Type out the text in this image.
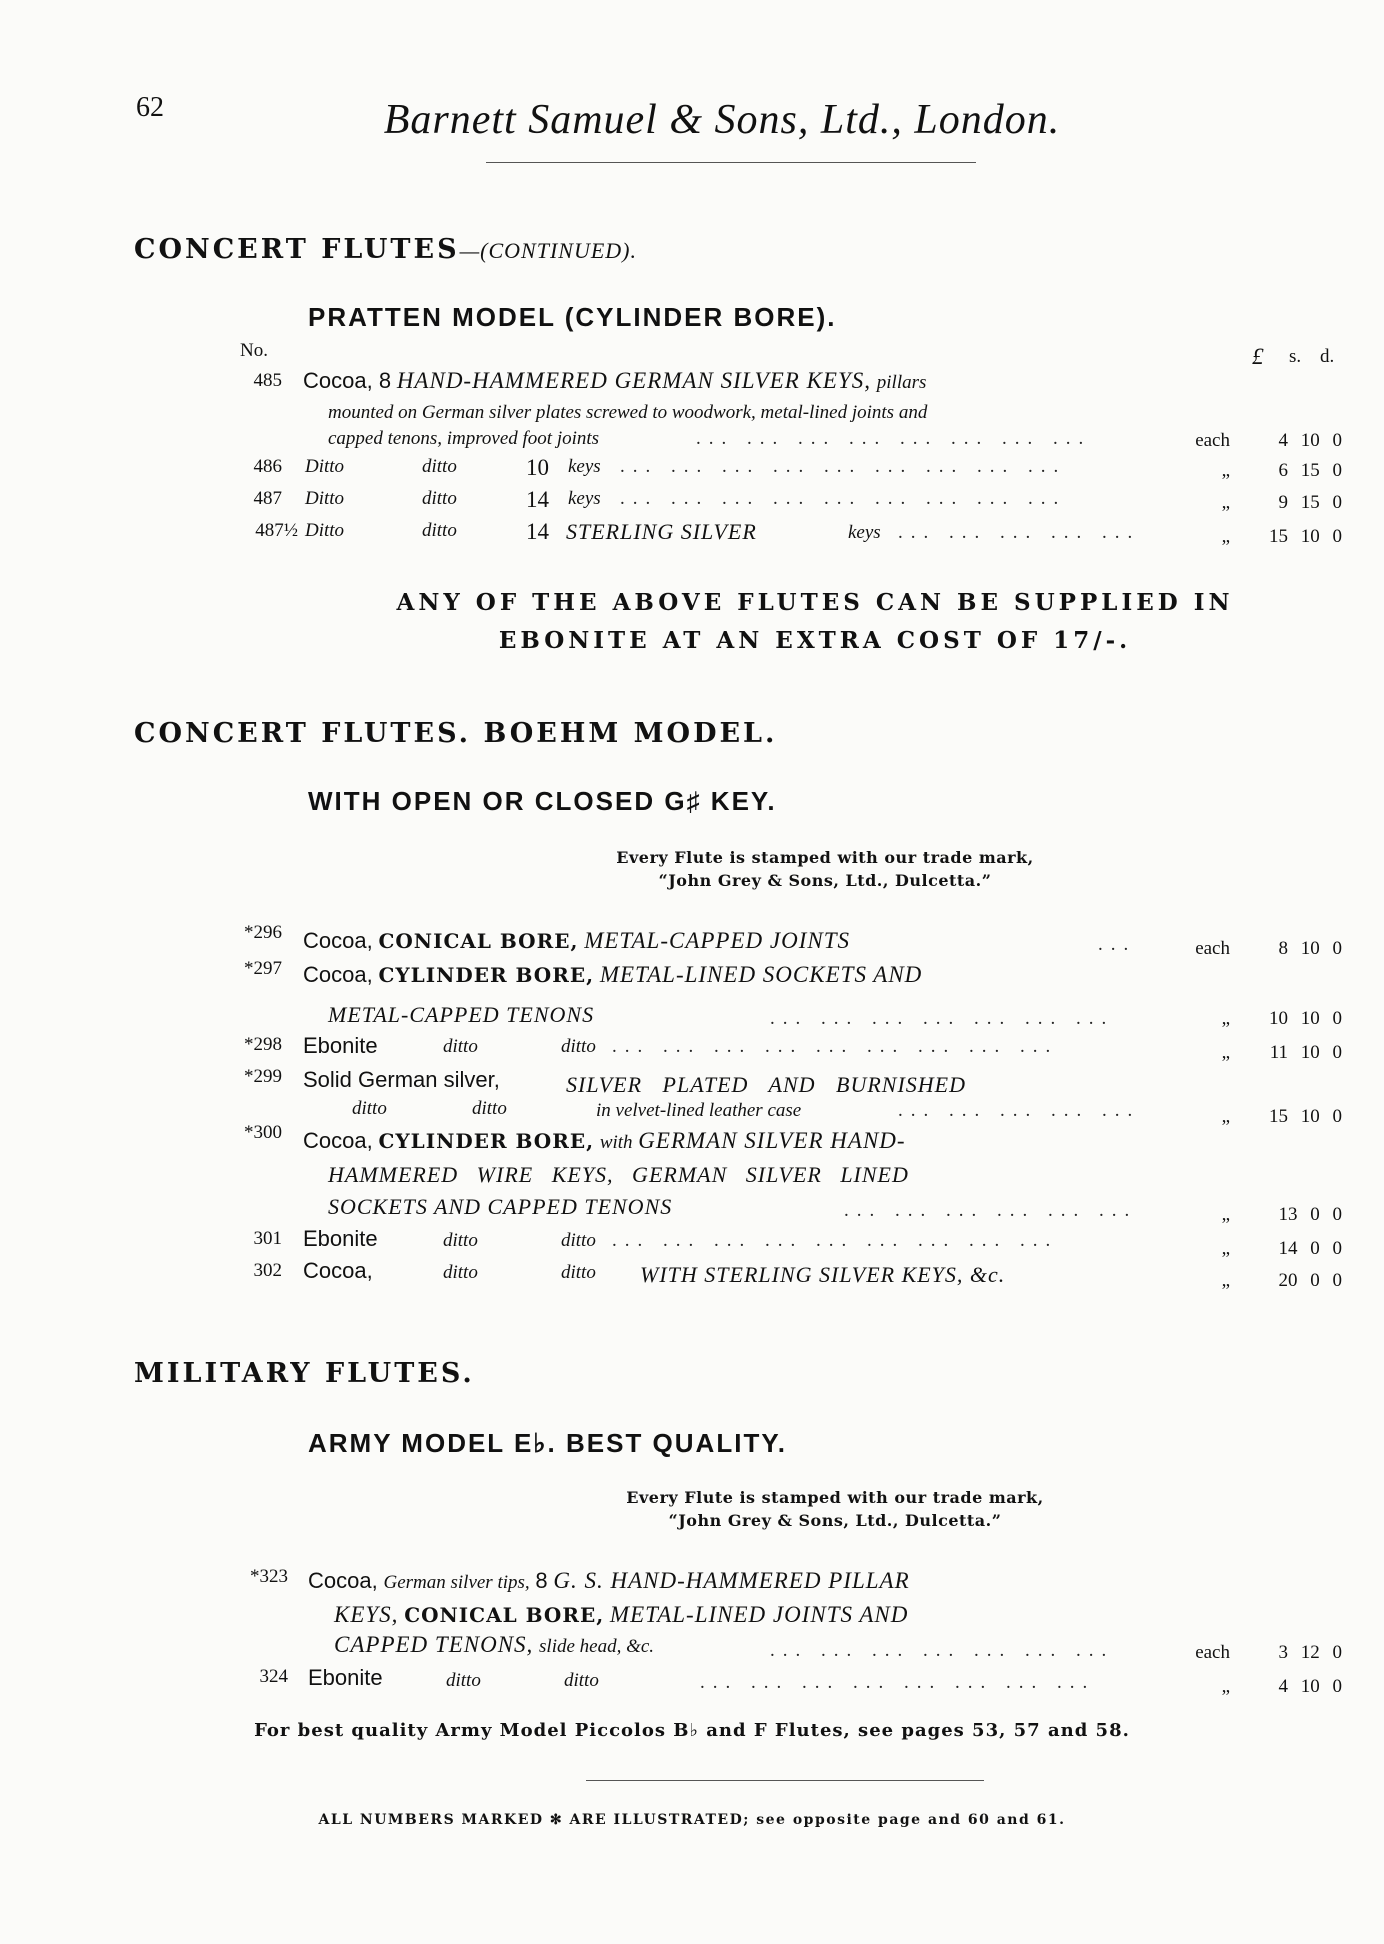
62	Barnett Samuel & Sons, Ltd., London.
CONCERT FLUTES—(CONTINUED).
PRATTEN MODEL (CYLINDER BORE).
No.	£ s. d.
485 Cocoa, 8 HAND-HAMMERED GERMAN SILVER KEYS, pillars
mounted on German silver plates screwed to woodwork, metal-lined joints and
capped tenons, improved foot joints	... ... ... ... ... ... ... ...	each	4 10 0
486 Ditto	ditto	10 keys ... ... ... ... ... ... ... ... ...	„	6 15 0
487 Ditto	ditto	14 keys ... ... ... ... ... ... ... ... ...	„	9 15 0
487½ Ditto	ditto	14 STERLING SILVER	keys ... ... ... ... ...	„	15 10 0
ANY OF THE ABOVE FLUTES CAN BE SUPPLIED IN
EBONITE AT AN EXTRA COST OF 17/-.
CONCERT FLUTES. BOEHM MODEL.
WITH OPEN OR CLOSED G♯ KEY.
Every Flute is stamped with our trade mark,
“John Grey & Sons, Ltd., Dulcetta.”
*296 Cocoa, CONICAL BORE, METAL-CAPPED JOINTS	...	each	8 10 0
*297 Cocoa, CYLINDER BORE, METAL-LINED SOCKETS AND
METAL-CAPPED TENONS	... ... ... ... ... ... ...	„	10 10 0
*298 Ebonite	ditto	ditto ... ... ... ... ... ... ... ... ...	„	11 10 0
*299 Solid German silver,	SILVER PLATED AND BURNISHED
ditto	ditto	in velvet-lined leather case	... ... ... ... ...	„	15 10 0
*300 Cocoa, CYLINDER BORE, with GERMAN SILVER HAND-
HAMMERED WIRE KEYS, GERMAN SILVER LINED
SOCKETS AND CAPPED TENONS	... ... ... ... ... ...	„	13 0 0
301 Ebonite	ditto	ditto ... ... ... ... ... ... ... ... ...	„	14 0 0
302 Cocoa,	ditto	ditto WITH STERLING SILVER KEYS, &c.	„	20 0 0
MILITARY FLUTES.
ARMY MODEL E♭. BEST QUALITY.
Every Flute is stamped with our trade mark,
“John Grey & Sons, Ltd., Dulcetta.”
*323 Cocoa, German silver tips, 8 G. S. HAND-HAMMERED PILLAR
KEYS, CONICAL BORE, METAL-LINED JOINTS AND
CAPPED TENONS, slide head, &c.	... ... ... ... ... ... ...	each	3 12 0
324 Ebonite	ditto	ditto	... ... ... ... ... ... ... ...	„	4 10 0
For best quality Army Model Piccolos B♭ and F Flutes, see pages 53, 57 and 58.
ALL NUMBERS MARKED ✻ ARE ILLUSTRATED; see opposite page and 60 and 61.
